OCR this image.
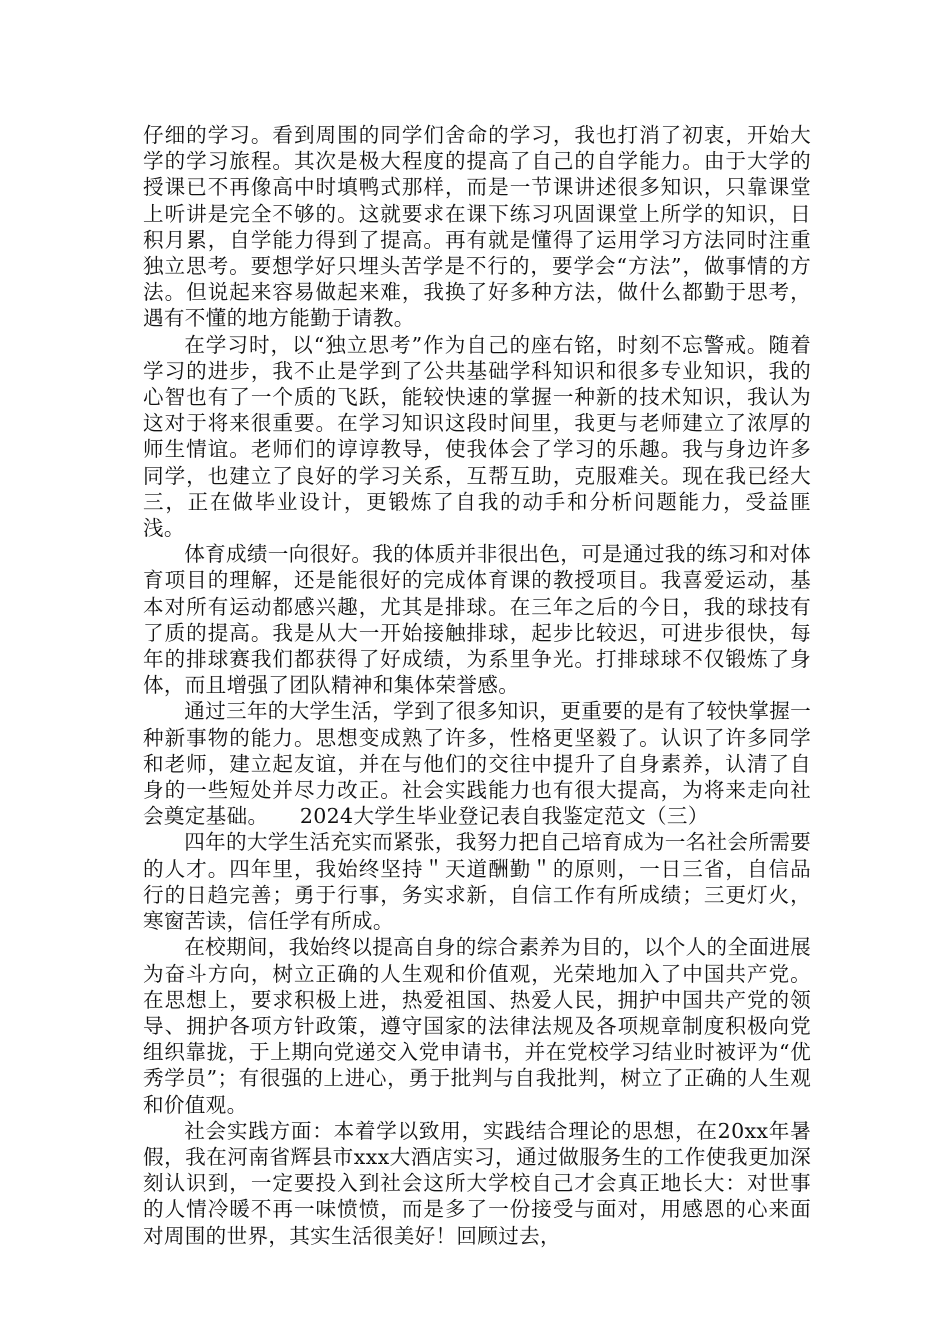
仔细的学习。看到周围的同学们舍命的学习，我也打消了初衷，开始大学的学习旅程。其次是极大程度的提高了自己的自学能力。由于大学的授课已不再像高中时填鸭式那样，而是一节课讲述很多知识，只靠课堂上听讲是完全不够的。这就要求在课下练习巩固课堂上所学的知识，日积月累，自学能力得到了提高。再有就是懂得了运用学习方法同时注重独立思考。要想学好只埋头苦学是不行的，要学会“方法”，做事情的方法。但说起来容易做起来难，我换了好多种方法，做什么都勤于思考，遇有不懂的地方能勤于请教。

在学习时，以“独立思考”作为自己的座右铭，时刻不忘警戒。随着学习的进步，我不止是学到了公共基础学科知识和很多专业知识，我的心智也有了一个质的飞跃，能较快速的掌握一种新的技术知识，我认为这对于将来很重要。在学习知识这段时间里，我更与老师建立了浓厚的师生情谊。老师们的谆谆教导，使我体会了学习的乐趣。我与身边许多同学，也建立了良好的学习关系，互帮互助，克服难关。现在我已经大三，正在做毕业设计，更锻炼了自我的动手和分析问题能力，受益匪浅。

体育成绩一向很好。我的体质并非很出色，可是通过我的练习和对体育项目的理解，还是能很好的完成体育课的教授项目。我喜爱运动，基本对所有运动都感兴趣，尤其是排球。在三年之后的今日，我的球技有了质的提高。我是从大一开始接触排球，起步比较迟，可进步很快，每年的排球赛我们都获得了好成绩，为系里争光。打排球球不仅锻炼了身体，而且增强了团队精神和集体荣誉感。

通过三年的大学生活，学到了很多知识，更重要的是有了较快掌握一种新事物的能力。思想变成熟了许多，性格更坚毅了。认识了许多同学和老师，建立起友谊，并在与他们的交往中提升了自身素养，认清了自身的一些短处并尽力改正。社会实践能力也有很大提高，为将来走向社会奠定基础。　　2024大学生毕业登记表自我鉴定范文（三）

四年的大学生活充实而紧张，我努力把自己培育成为一名社会所需要的人才。四年里，我始终坚持＂天道酬勤＂的原则，一日三省，自信品行的日趋完善；勇于行事，务实求新，自信工作有所成绩；三更灯火，寒窗苦读，信任学有所成。

在校期间，我始终以提高自身的综合素养为目的，以个人的全面进展为奋斗方向，树立正确的人生观和价值观，光荣地加入了中国共产党。在思想上，要求积极上进，热爱祖国、热爱人民，拥护中国共产党的领导、拥护各项方针政策，遵守国家的法律法规及各项规章制度积极向党组织靠拢，于上期向党递交入党申请书，并在党校学习结业时被评为“优秀学员”；有很强的上进心，勇于批判与自我批判，树立了正确的人生观和价值观。

社会实践方面：本着学以致用，实践结合理论的思想，在20xx年暑假，我在河南省辉县市xxx大酒店实习，通过做服务生的工作使我更加深刻认识到，一定要投入到社会这所大学校自己才会真正地长大：对世事的人情冷暖不再一味愤愤，而是多了一份接受与面对，用感恩的心来面对周围的世界，其实生活很美好！回顾过去，
